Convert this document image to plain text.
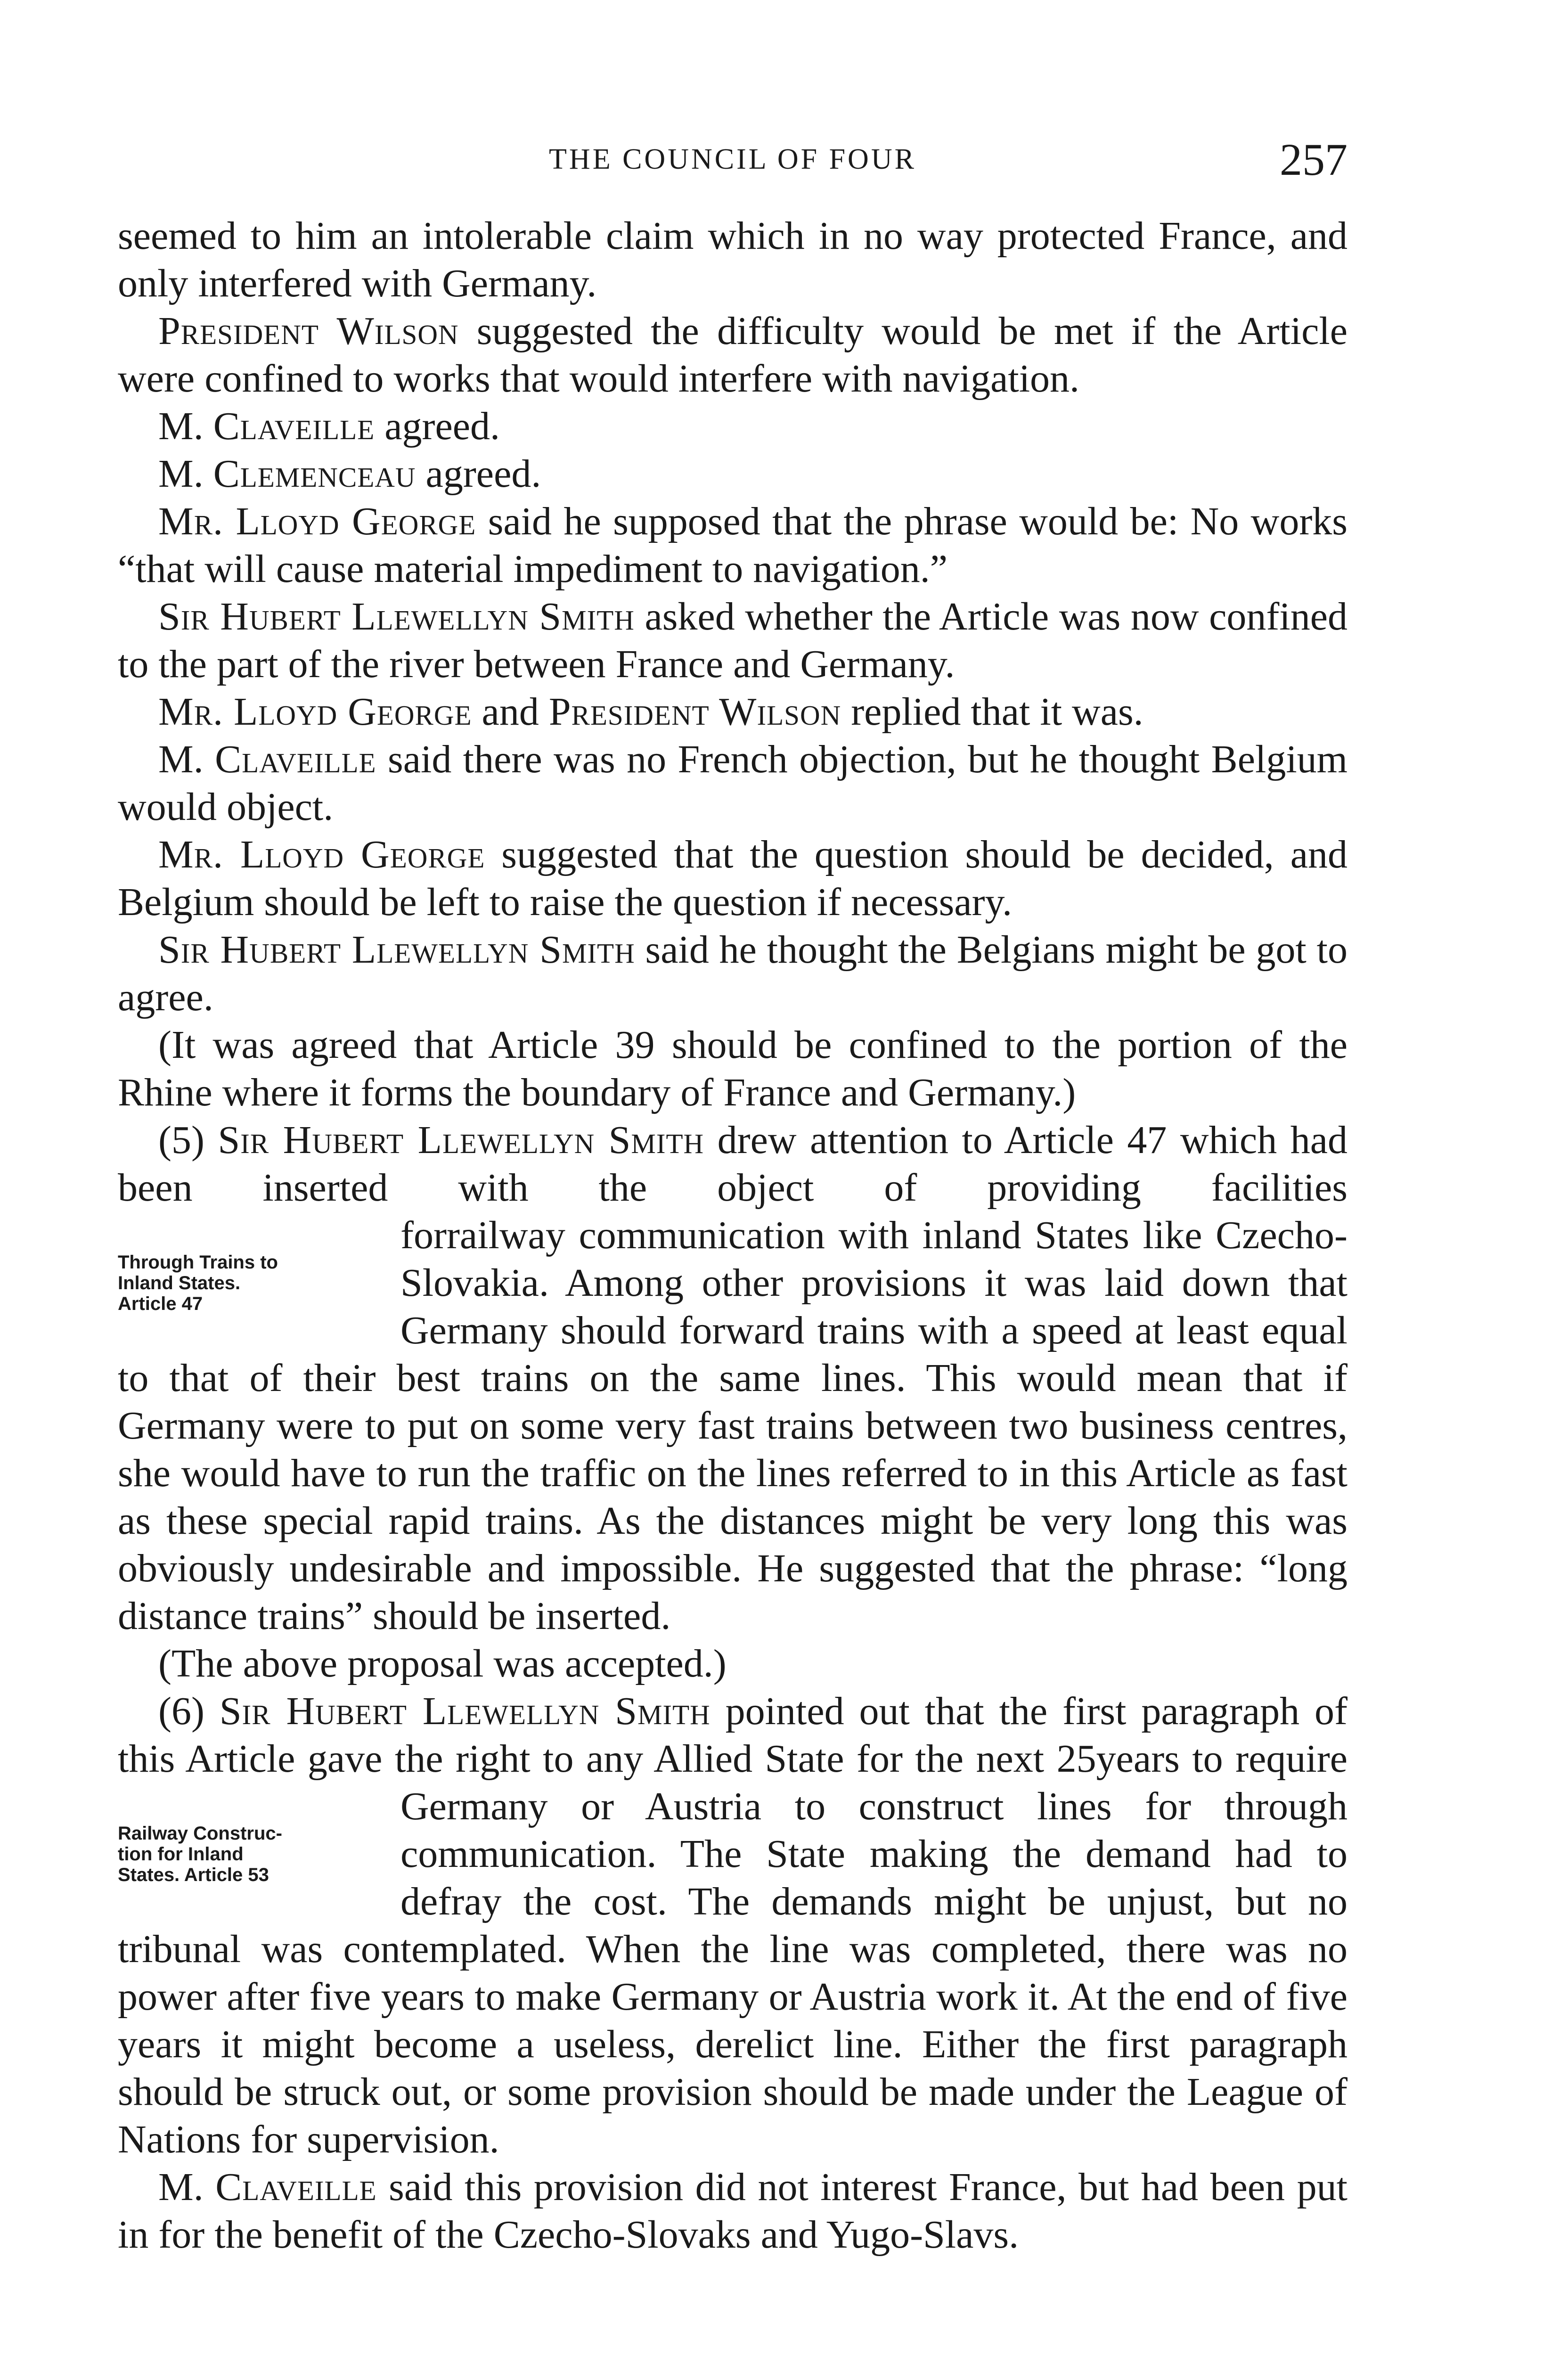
THE COUNCIL OF FOUR	257

seemed to him an intolerable claim which in no way protected France, and only interfered with Germany.

President Wilson suggested the difficulty would be met if the Article were confined to works that would interfere with navigation.

M. Claveille agreed.

M. Clemenceau agreed.

Mr. Lloyd George said he supposed that the phrase would be: No works “that will cause material impediment to navigation.”

Sir Hubert Llewellyn Smith asked whether the Article was now confined to the part of the river between France and Germany.

Mr. Lloyd George and President Wilson replied that it was.

M. Claveille said there was no French objection, but he thought Belgium would object.

Mr. Lloyd George suggested that the question should be decided, and Belgium should be left to raise the question if necessary.

Sir Hubert Llewellyn Smith said he thought the Belgians might be got to agree.

(It was agreed that Article 39 should be confined to the portion of the Rhine where it forms the boundary of France and Germany.)

(5) Sir Hubert Llewellyn Smith drew attention to Article 47 which had been inserted with the object of providing facilities for
Through Trains to
Inland States.
Article 47
railway communication with inland States like Czecho-Slovakia. Among other provisions it was laid down that Germany should forward trains with a speed at least equal to that of their best trains on the same lines. This would mean that if Germany were to put on some very fast trains between two business centres, she would have to run the traffic on the lines referred to in this Article as fast as these special rapid trains. As the distances might be very long this was obviously undesirable and impossible. He suggested that the phrase: “long distance trains” should be inserted.

(The above proposal was accepted.)

(6) Sir Hubert Llewellyn Smith pointed out that the first paragraph of this Article gave the right to any Allied State for the next 25
Railway Construc-
tion for Inland
States. Article 53
years to require Germany or Austria to construct lines for through communication. The State making the demand had to defray the cost. The demands might be unjust, but no tribunal was contemplated. When the line was completed, there was no power after five years to make Germany or Austria work it. At the end of five years it might become a useless, derelict line. Either the first paragraph should be struck out, or some provision should be made under the League of Nations for supervision.

M. Claveille said this provision did not interest France, but had been put in for the benefit of the Czecho-Slovaks and Yugo-Slavs.
